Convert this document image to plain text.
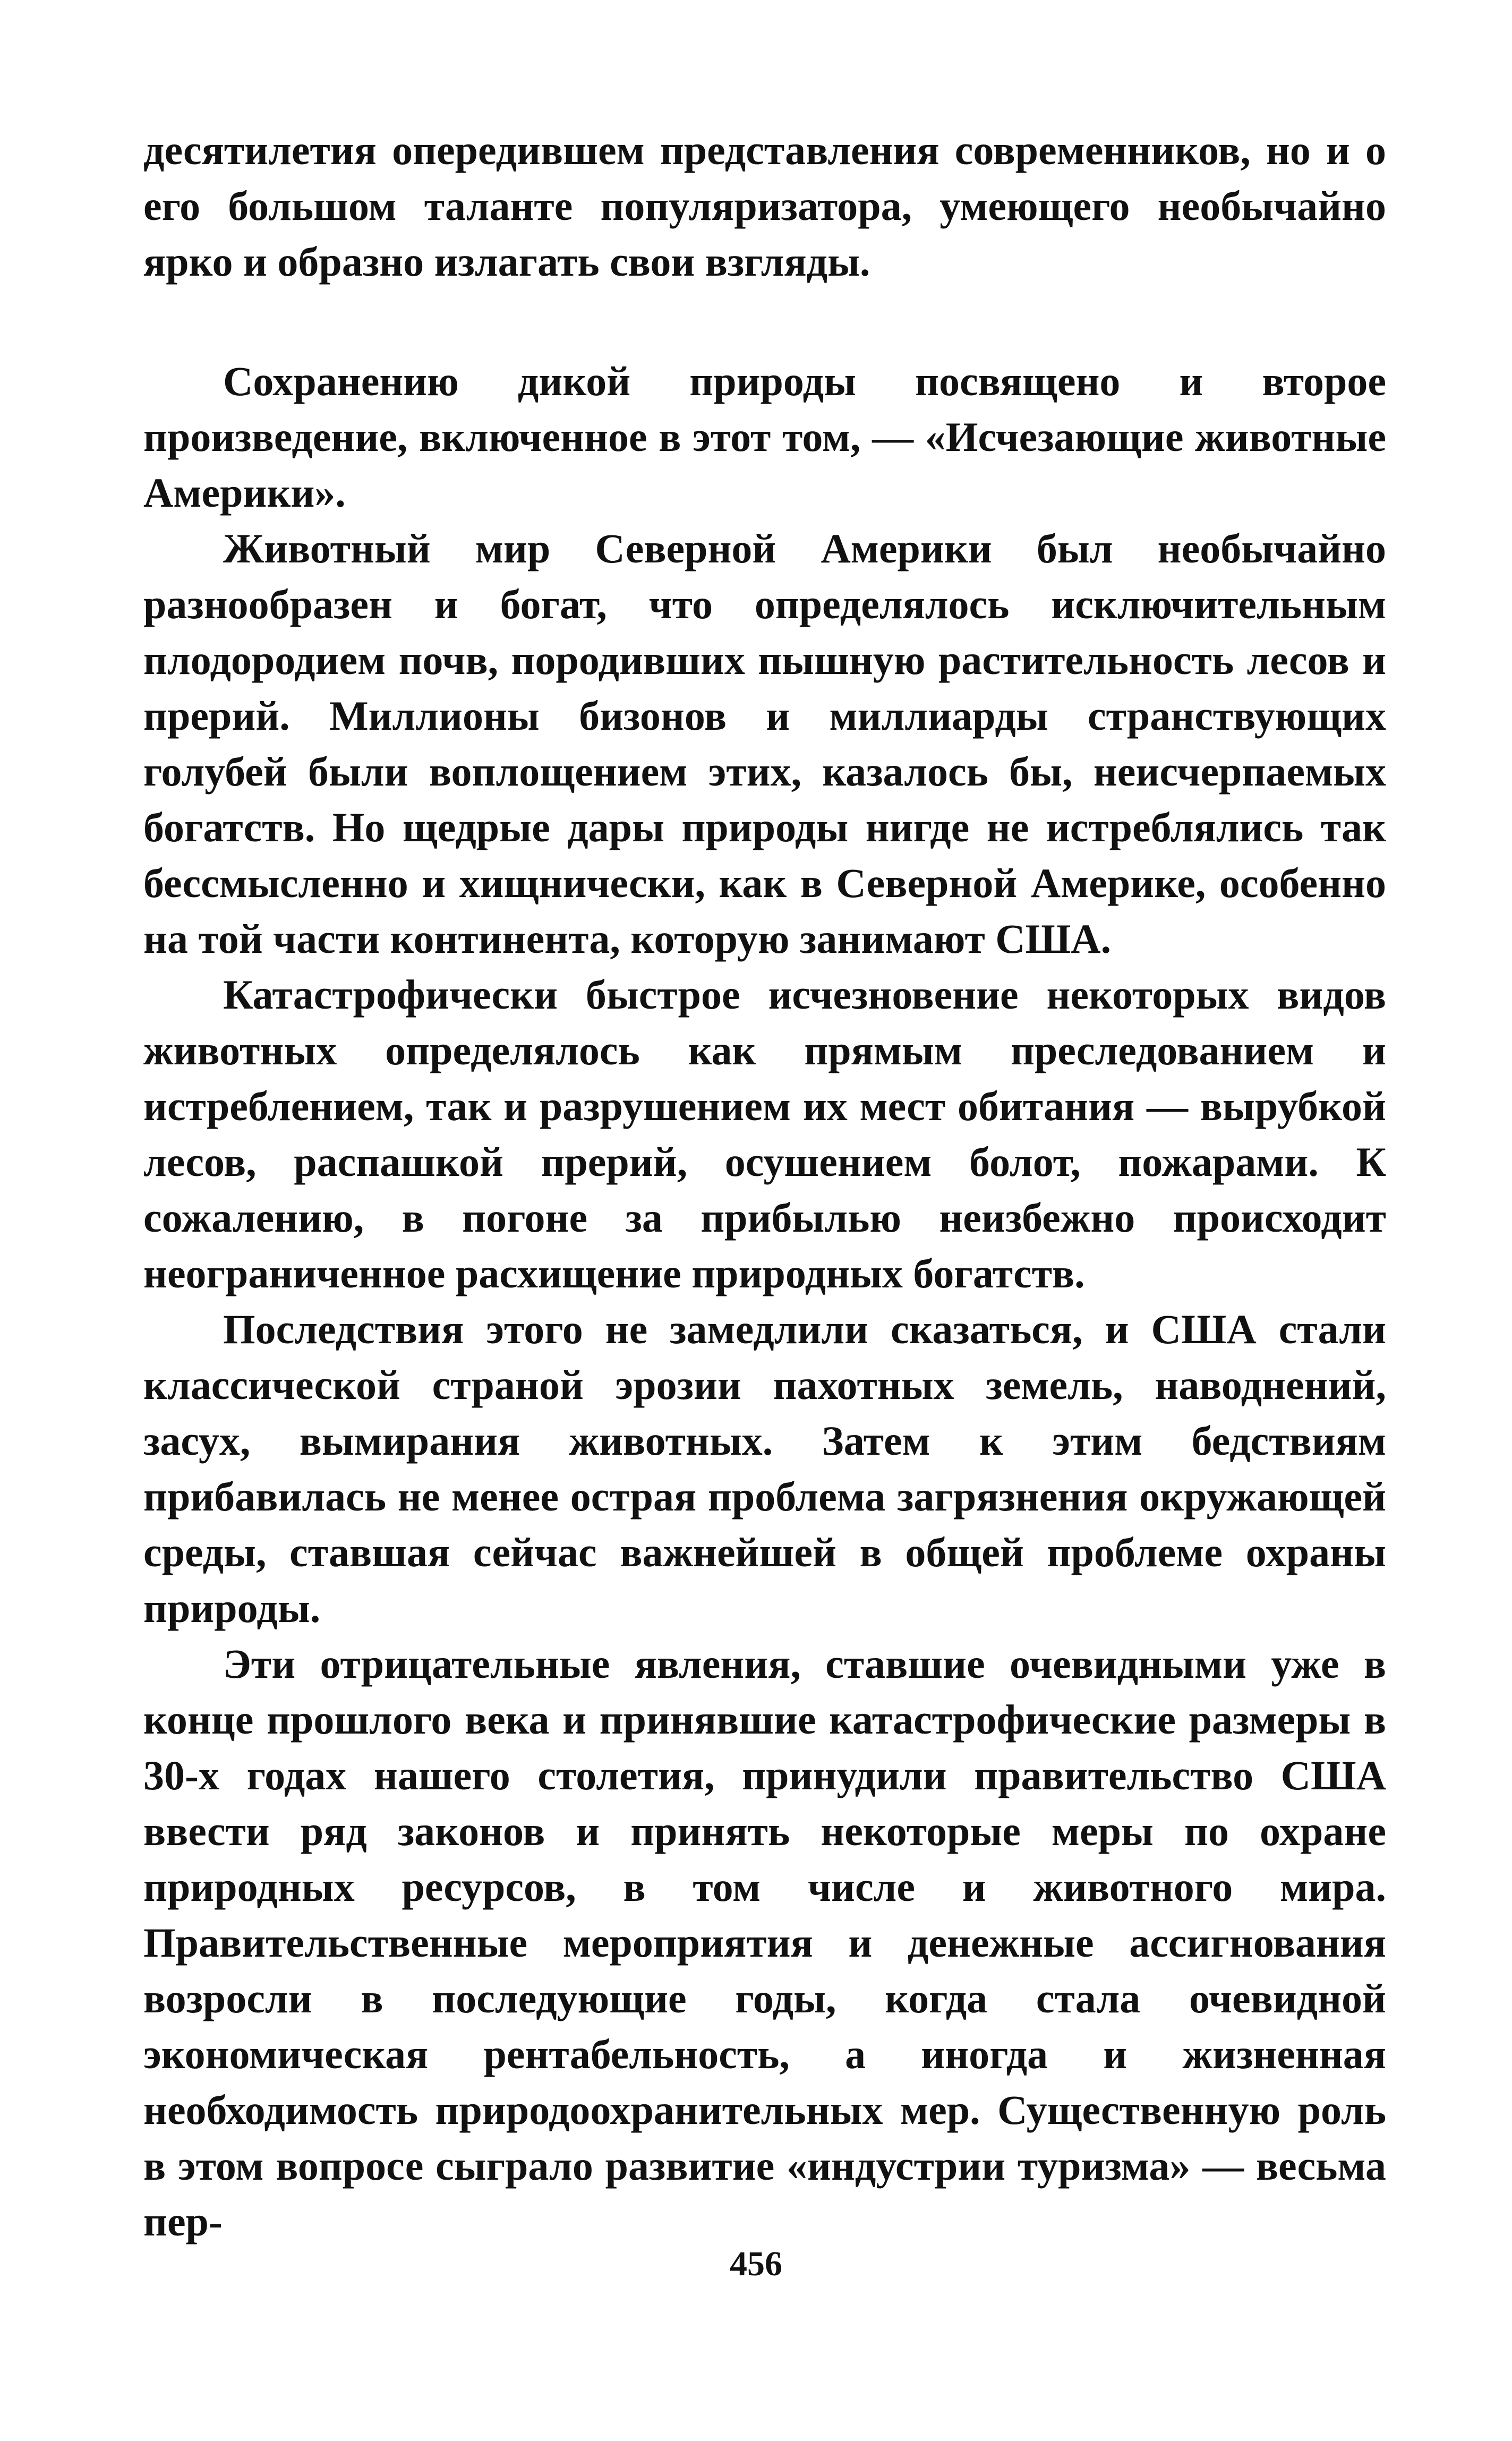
десятилетия опередившем представления современников, но и о его большом таланте популяризатора, умеющего необычайно ярко и образно излагать свои взгляды.

Сохранению дикой природы посвящено и второе произведение, включенное в этот том, — «Исчезающие животные Америки».

Животный мир Северной Америки был необычайно разнообразен и богат, что определялось исключительным плодородием почв, породивших пышную растительность лесов и прерий. Миллионы бизонов и миллиарды странствующих голубей были воплощением этих, казалось бы, неисчерпаемых богатств. Но щедрые дары природы нигде не истреблялись так бессмысленно и хищнически, как в Северной Америке, особенно на той части континента, которую занимают США.

Катастрофически быстрое исчезновение некоторых видов животных определялось как прямым преследованием и истреблением, так и разрушением их мест обитания — вырубкой лесов, распашкой прерий, осушением болот, пожарами. К сожалению, в погоне за прибылью неизбежно происходит неограниченное расхищение природных богатств.

Последствия этого не замедлили сказаться, и США стали классической страной эрозии пахотных земель, наводнений, засух, вымирания животных. Затем к этим бедствиям прибавилась не менее острая проблема загрязнения окружающей среды, ставшая сейчас важнейшей в общей проблеме охраны природы.

Эти отрицательные явления, ставшие очевидными уже в конце прошлого века и принявшие катастрофические размеры в 30-х годах нашего столетия, принудили правительство США ввести ряд законов и принять некоторые меры по охране природных ресурсов, в том числе и животного мира. Правительственные мероприятия и денежные ассигнования возросли в последующие годы, когда стала очевидной экономическая рентабельность, а иногда и жизненная необходимость природоохранительных мер. Существенную роль в этом вопросе сыграло развитие «индустрии туризма» — весьма пер-

456
